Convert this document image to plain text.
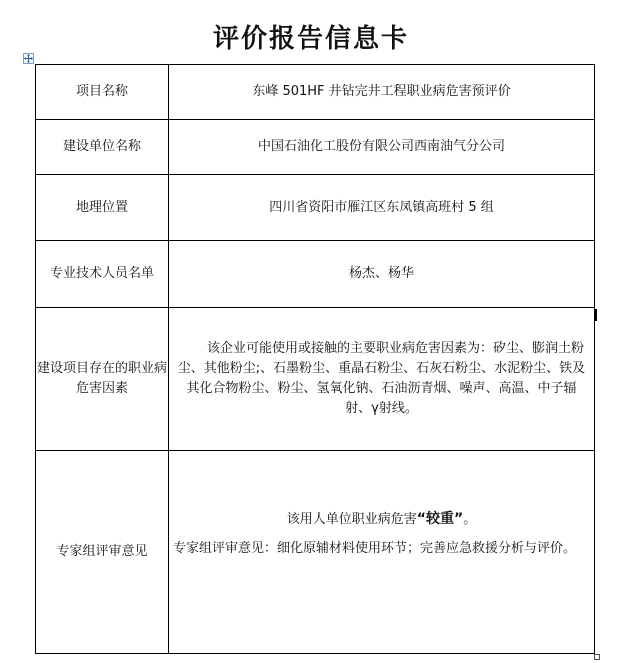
评价报告信息卡
项目名称	东峰 501HF 井钻完井工程职业病危害预评价
建设单位名称	中国石油化工股份有限公司西南油气分公司
地理位置	四川省资阳市雁江区东凤镇高班村 5 组
专业技术人员名单	杨杰、杨华
建设项目存在的职业病危害因素	该企业可能使用或接触的主要职业病危害因素为：矽尘、膨润土粉尘、其他粉尘;、石墨粉尘、重晶石粉尘、石灰石粉尘、水泥粉尘、铁及其化合物粉尘、粉尘、氢氧化钠、石油沥青烟、噪声、高温、中子辐射、γ射线。
专家组评审意见	该用人单位职业病危害“较重”。
专家组评审意见：细化原辅材料使用环节；完善应急救援分析与评价。
